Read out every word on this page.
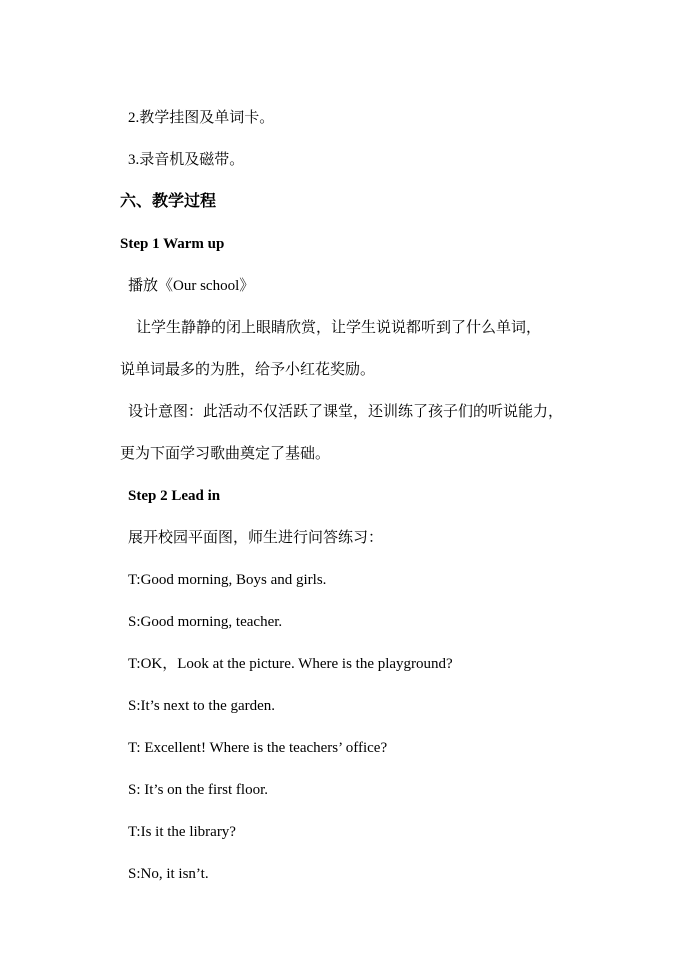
2.教学挂图及单词卡。
3.录音机及磁带。
六、教学过程
Step 1 Warm up
播放《Our school》
让学生静静的闭上眼睛欣赏，让学生说说都听到了什么单词，
说单词最多的为胜，给予小红花奖励。
设计意图：此活动不仅活跃了课堂，还训练了孩子们的听说能力，
更为下面学习歌曲奠定了基础。
Step 2 Lead in
展开校园平面图，师生进行问答练习：
T:Good morning, Boys and girls.
S:Good morning, teacher.
T:OK，Look at the picture. Where is the playground?
S:It’s next to the garden.
T: Excellent! Where is the teachers’ office?
S: It’s on the first floor.
T:Is it the library?
S:No, it isn’t.
